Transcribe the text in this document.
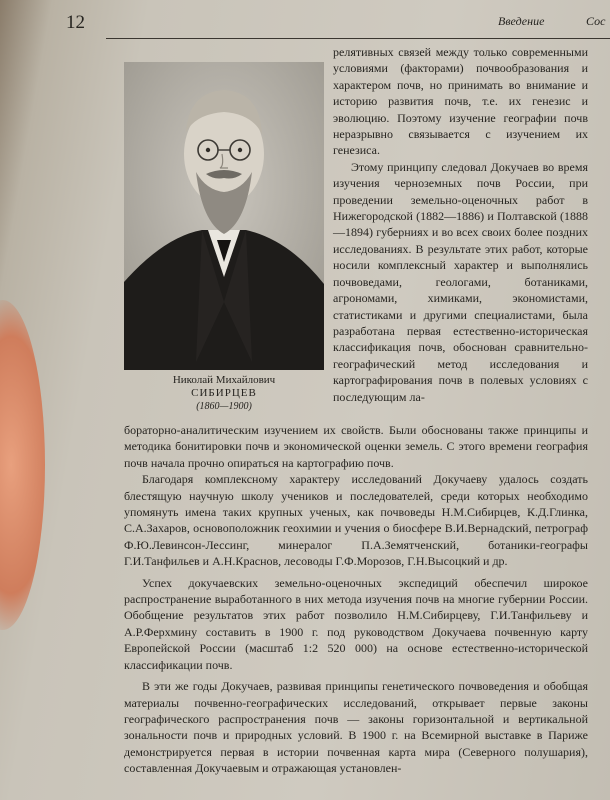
12	Введение	Сос
Николай Михайлович
СИБИРЦЕВ
(1860—1900)

релятивных связей между только современными условиями (факторами) почвообразования и характером почв, но принимать во внимание и историю развития почв, т.е. их генезис и эволюцию. Поэтому изучение географии почв неразрывно связывается с изучением их генезиса.

Этому принципу следовал Докучаев во время изучения черноземных почв России, при проведении земельно-оценочных работ в Нижегородской (1882—1886) и Полтавской (1888—1894) губерниях и во всех своих более поздних исследованиях. В результате этих работ, которые носили комплексный характер и выполнялись почвоведами, геологами, ботаниками, агрономами, химиками, экономистами, статистиками и другими специалистами, была разработана первая естественно-историческая классификация почв, обоснован сравнительно-географический метод исследования и картографирования почв в полевых условиях с последующим ла-

бораторно-аналитическим изучением их свойств. Были обоснованы также принципы и методика бонитировки почв и экономической оценки земель. С этого времени география почв начала прочно опираться на картографию почв.

Благодаря комплексному характеру исследований Докучаеву удалось создать блестящую научную школу учеников и последователей, среди которых необходимо упомянуть имена таких крупных ученых, как почвоведы Н.М.Сибирцев, К.Д.Глинка, С.А.Захаров, основоположник геохимии и учения о биосфере В.И.Вернадский, петрограф Ф.Ю.Левинсон-Лессинг, минералог П.А.Земятченский, ботаники-географы Г.И.Танфильев и А.Н.Краснов, лесоводы Г.Ф.Морозов, Г.Н.Высоцкий и др.

Успех докучаевских земельно-оценочных экспедиций обеспечил широкое распространение выработанного в них метода изучения почв на многие губернии России. Обобщение результатов этих работ позволило Н.М.Сибирцеву, Г.И.Танфильеву и А.Р.Ферхмину составить в 1900 г. под руководством Докучаева почвенную карту Европейской России (масштаб 1:2 520 000) на основе естественно-исторической классификации почв.

В эти же годы Докучаев, развивая принципы генетического почвоведения и обобщая материалы почвенно-географических исследований, открывает первые законы географического распространения почв — законы горизонтальной и вертикальной зональности почв и природных условий. В 1900 г. на Всемирной выставке в Париже демонстрируется первая в истории почвенная карта мира (Северного полушария), составленная Докучаевым и отражающая установлен-
